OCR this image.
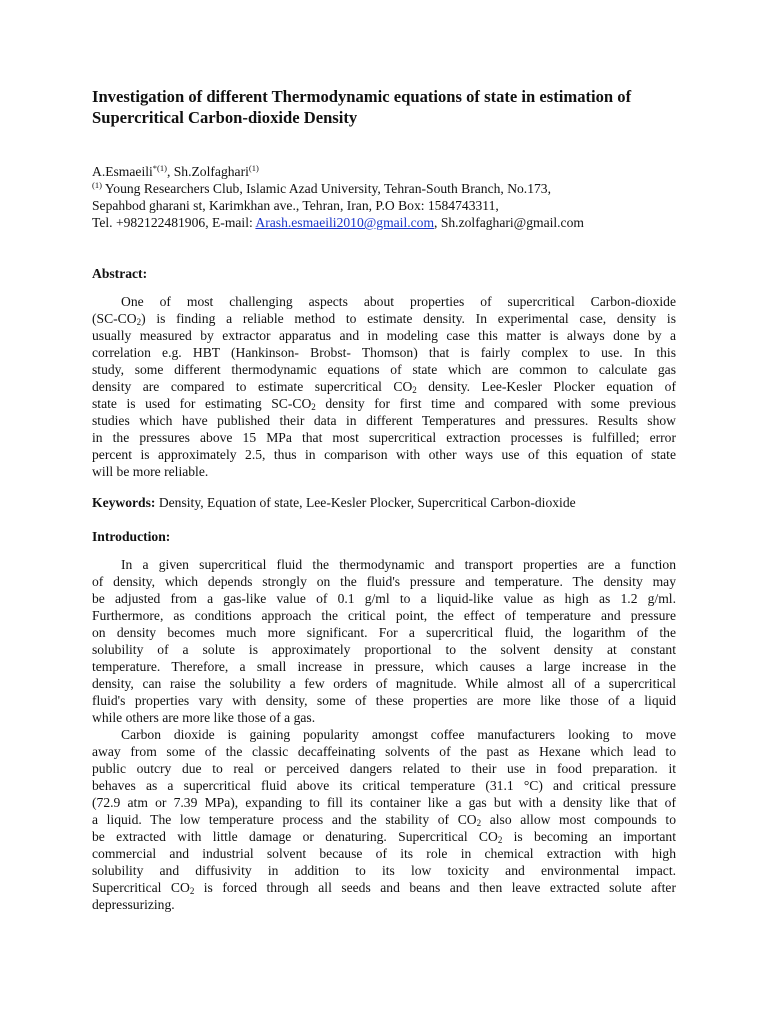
Investigation of different Thermodynamic equations of state in estimation of Supercritical Carbon-dioxide Density
A.Esmaeili$^{*(1)}$, Sh.Zolfaghari$^{(1)}$
$^{(1)}$ Young Researchers Club, Islamic Azad University, Tehran-South Branch, No.173,
Sepahbod gharani st, Karimkhan ave., Tehran, Iran, P.O Box: 1584743311,
Tel. +982122481906, E-mail: Arash.esmaeili2010@gmail.com, Sh.zolfaghari@gmail.com
Abstract:
One of most challenging aspects about properties of supercritical Carbon-dioxide
$(SC-CO_2)$ is finding a reliable method to estimate density. In experimental case, density is
usually measured by extractor apparatus and in modeling case this matter is always done by a
correlation e.g. HBT (Hankinson- Brobst- Thomson) that is fairly complex to use. In this
study, some different thermodynamic equations of state which are common to calculate gas
density are compared to estimate supercritical $CO_2$ density. Lee-Kesler Plocker equation of
state is used for estimating $SC-CO_2$ density for first time and compared with some previous
studies which have published their data in different Temperatures and pressures. Results show
in the pressures above 15 MPa that most supercritical extraction processes is fulfilled; error
percent is approximately 2.5, thus in comparison with other ways use of this equation of state
will be more reliable.
Keywords: Density, Equation of state, Lee-Kesler Plocker, Supercritical Carbon-dioxide
Introduction:
In a given supercritical fluid the thermodynamic and transport properties are a function
of density, which depends strongly on the fluid's pressure and temperature. The density may
be adjusted from a gas-like value of 0.1 g/ml to a liquid-like value as high as 1.2 g/ml.
Furthermore, as conditions approach the critical point, the effect of temperature and pressure
on density becomes much more significant. For a supercritical fluid, the logarithm of the
solubility of a solute is approximately proportional to the solvent density at constant
temperature. Therefore, a small increase in pressure, which causes a large increase in the
density, can raise the solubility a few orders of magnitude. While almost all of a supercritical
fluid's properties vary with density, some of these properties are more like those of a liquid
while others are more like those of a gas.
Carbon dioxide is gaining popularity amongst coffee manufacturers looking to move
away from some of the classic decaffeinating solvents of the past as Hexane which lead to
public outcry due to real or perceived dangers related to their use in food preparation. it
behaves as a supercritical fluid above its critical temperature (31.1 °C) and critical pressure
(72.9 atm or 7.39 MPa), expanding to fill its container like a gas but with a density like that of
a liquid. The low temperature process and the stability of $CO_2$ also allow most compounds to
be extracted with little damage or denaturing. Supercritical $CO_2$ is becoming an important
commercial and industrial solvent because of its role in chemical extraction with high
solubility and diffusivity in addition to its low toxicity and environmental impact.
Supercritical $CO_2$ is forced through all seeds and beans and then leave extracted solute after
depressurizing.
